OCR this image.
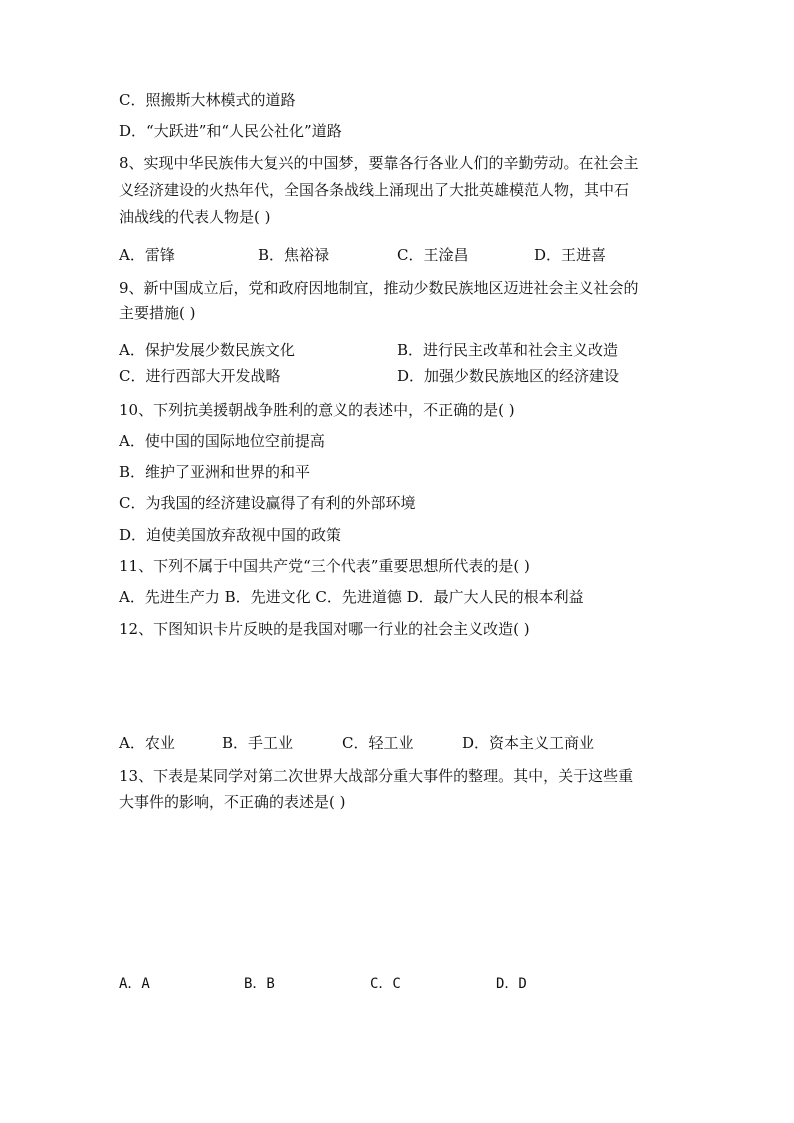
C．照搬斯大林模式的道路
D．“大跃进”和“人民公社化”道路
8、实现中华民族伟大复兴的中国梦，要靠各行各业人们的辛勤劳动。在社会主
义经济建设的火热年代，全国各条战线上涌现出了大批英雄模范人物，其中石
油战线的代表人物是( )
A．雷锋	B．焦裕禄	C．王淦昌	D．王进喜
9、新中国成立后，党和政府因地制宜，推动少数民族地区迈进社会主义社会的
主要措施( )
A．保护发展少数民族文化	B．进行民主改革和社会主义改造
C．进行西部大开发战略	D．加强少数民族地区的经济建设
10、下列抗美援朝战争胜利的意义的表述中，不正确的是( )
A．使中国的国际地位空前提高
B．维护了亚洲和世界的和平
C．为我国的经济建设赢得了有利的外部环境
D．迫使美国放弃敌视中国的政策
11、下列不属于中国共产党“三个代表”重要思想所代表的是( )
A．先进生产力 B．先进文化 C．先进道德 D．最广大人民的根本利益
12、下图知识卡片反映的是我国对哪一行业的社会主义改造( )
A．农业	B．手工业	C．轻工业	D．资本主义工商业
13、下表是某同学对第二次世界大战部分重大事件的整理。其中，关于这些重
大事件的影响，不正确的表述是( )
A．A	B．B	C．C	D．D
